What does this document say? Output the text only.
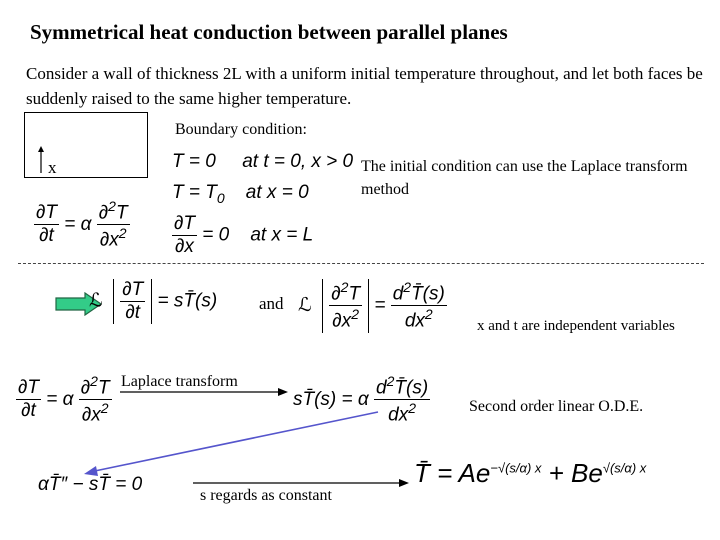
Symmetrical heat conduction between parallel planes
Consider a wall of thickness 2L with a uniform initial temperature throughout, and let both faces be suddenly raised to the same higher temperature.
x
Boundary condition:
The initial condition can use the Laplace transform method
$\frac{\partial T}{\partial t} = \alpha \frac{\partial^2T}{\partial x^2}$
T = 0     at t = 0, x > 0
$T = T_0$    at x = 0
$\frac{\partial T}{\partial x} = 0$    at x = L
ℒ $\frac{\partial T}{\partial t}$ = sT̄(s) and ℒ $\frac{\partial^2T}{\partial x^2} = \frac{d^2T̄(s)}{dx^2}$ x and t are independent variables
$\frac{\partial T}{\partial t} = \alpha \frac{\partial^2T}{\partial x^2}$ Laplace transform
sT̄(s) = α $\frac{d^2T̄(s)}{dx^2}$ Second order linear O.D.E.
αT̄″ − sT̄ = 0
s regards as constant
T̄ = $Ae^{-√(s/\alpha) x} + Be^{√(s/\alpha) x}$
